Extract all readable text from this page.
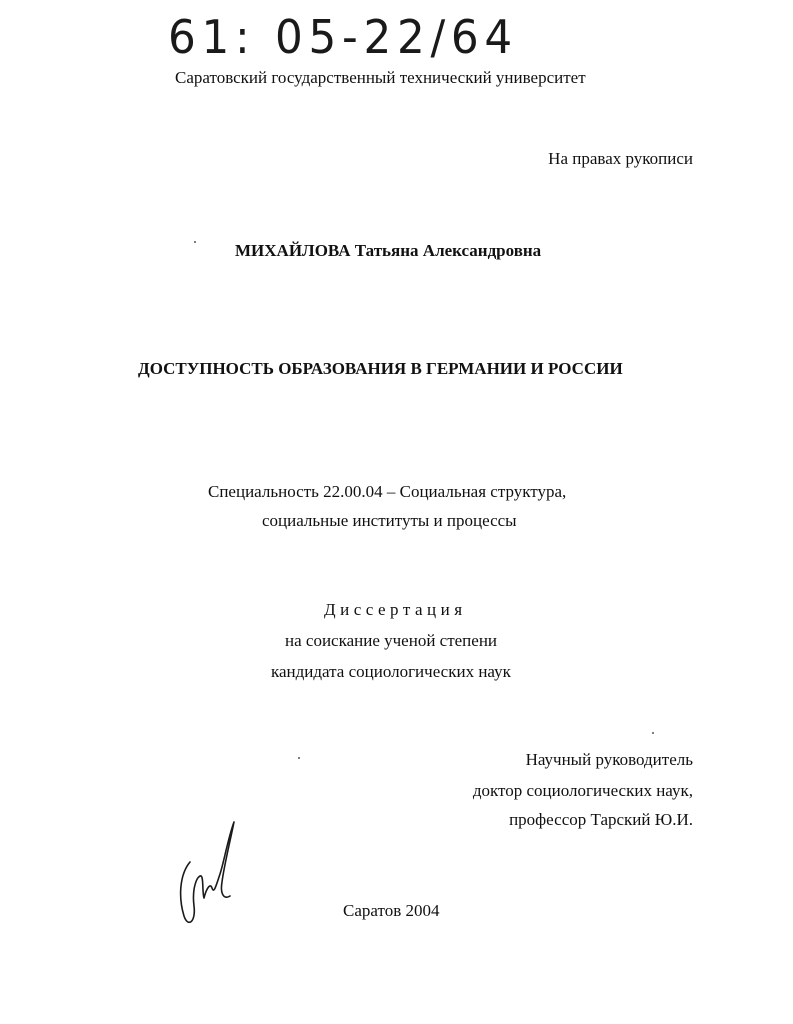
61: 05-22/64
Саратовский государственный технический университет
На правах рукописи
МИХАЙЛОВА Татьяна Александровна
ДОСТУПНОСТЬ ОБРАЗОВАНИЯ В ГЕРМАНИИ И РОССИИ
Специальность 22.00.04 – Социальная структура,
социальные институты и процессы
Диссертация
на соискание ученой степени
кандидата социологических наук
Научный руководитель
доктор социологических наук,
профессор Тарский Ю.И.
Саратов 2004
